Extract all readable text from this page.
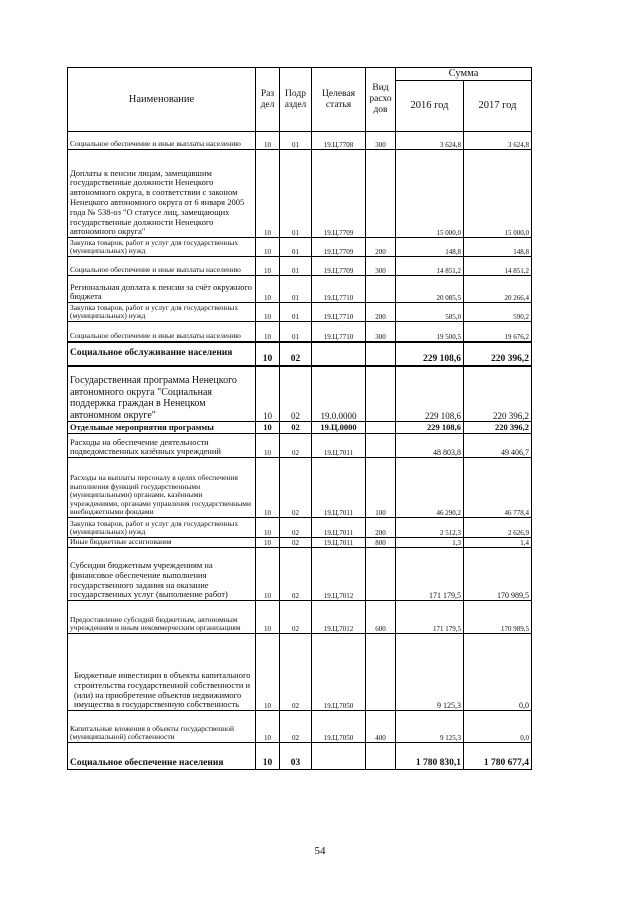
Наименование	Раз дел	Подр аздел	Целевая статья	Вид расхо дов	Сумма	
					2016 год	2017 год
Социальное обеспечение и иные выплаты населению	10	01	19.Ц.7708	300	3 624,8	3 624,8
Доплаты к пенсии лицам, замещавшим государственные должности Ненецкого автономного округа, в соответствии с законом Ненецкого автономного округа от 6 января 2005 года № 538-оз "О статусе лиц, замещающих государственные должности Ненецкого автономного округа"	10	01	19.Ц.7709		15 000,0	15 000,0
Закупка товаров, работ и услуг для государственных (муниципальных) нужд	10	01	19.Ц.7709	200	148,8	148,8
Социальное обеспечение и иные выплаты населению	10	01	19.Ц.7709	300	14 851,2	14 851,2
Региональная доплата к пенсии за счёт окружного бюджета	10	01	19.Ц.7710		20 085,5	20 266,4
Закупка товаров, работ и услуг для государственных (муниципальных) нужд	10	01	19.Ц.7710	200	585,0	590,2
Социальное обеспечение и иные выплаты населению	10	01	19.Ц.7710	300	19 500,5	19 676,2
Социальное обслуживание населения	10	02			229 108,6	220 396,2
Государственная программа Ненецкого автономного округа "Социальная поддержка граждан в Ненецком автономном округе"	10	02	19.0.0000		229 108,6	220 396,2
Отдельные мероприятия программы	10	02	19.Ц.0000		229 108,6	220 396,2
Расходы на обеспечение деятельности подведомственных казённых учреждений	10	02	19.Ц.7011		48 803,8	49 406,7
Расходы на выплаты персоналу в целях обеспечения выполнения функций государственными (муниципальными) органами, казёнными учреждениями, органами управления государственными внебюджетными фондами	10	02	19.Ц.7011	100	46 290,2	46 778,4
Закупка товаров, работ и услуг для государственных (муниципальных) нужд	10	02	19.Ц.7011	200	2 512,3	2 626,9
Иные бюджетные ассигнования	10	02	19.Ц.7011	800	1,3	1,4
Субсидии бюджетным учреждениям на финансовое обеспечение выполнения государственного задания на оказание государственных услуг (выполнение работ)	10	02	19.Ц.7012		171 179,5	170 989,5
Предоставление субсидий бюджетным, автономным учреждениям и иным некоммерческим организациям	10	02	19.Ц.7012	600	171 179,5	170 989,5
Бюджетные инвестиции в объекты капитального строительства государственной собственности и (или) на приобретение объектов недвижимого имущества в государственную собственность	10	02	19.Ц.7050		9 125,3	0,0
Капитальные вложения в объекты государственной (муниципальной) собственности	10	02	19.Ц.7050	400	9 125,3	0,0
Социальное обеспечение населения	10	03			1 780 830,1	1 780 677,4
54
